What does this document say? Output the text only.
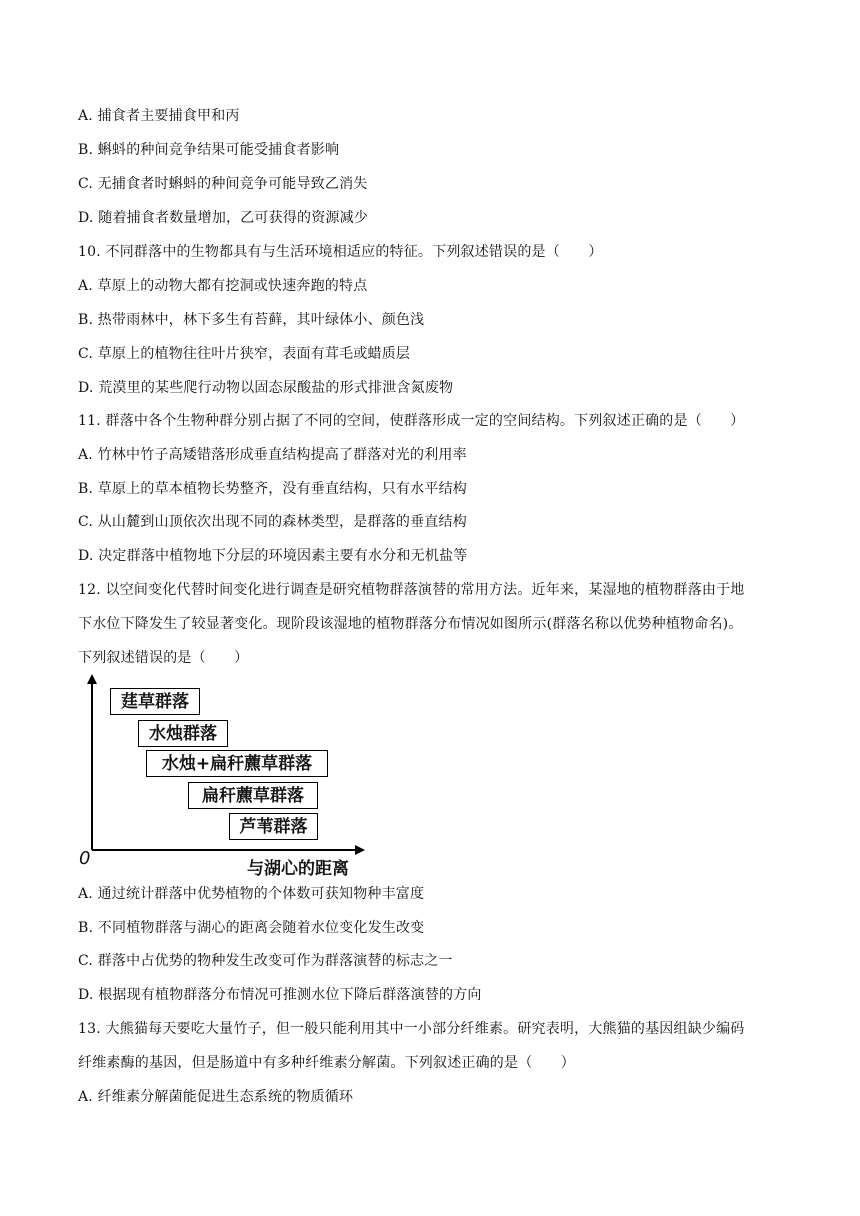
A. 捕食者主要捕食甲和丙
B. 蝌蚪的种间竞争结果可能受捕食者影响
C. 无捕食者时蝌蚪的种间竞争可能导致乙消失
D. 随着捕食者数量增加，乙可获得的资源减少
10. 不同群落中的生物都具有与生活环境相适应的特征。下列叙述错误的是（　　）
A. 草原上的动物大都有挖洞或快速奔跑的特点
B. 热带雨林中，林下多生有苔藓，其叶绿体小、颜色浅
C. 草原上的植物往往叶片狭窄，表面有茸毛或蜡质层
D. 荒漠里的某些爬行动物以固态尿酸盐的形式排泄含氮废物
11. 群落中各个生物种群分别占据了不同的空间，使群落形成一定的空间结构。下列叙述正确的是（　　）
A. 竹林中竹子高矮错落形成垂直结构提高了群落对光的利用率
B. 草原上的草本植物长势整齐，没有垂直结构，只有水平结构
C. 从山麓到山顶依次出现不同的森林类型，是群落的垂直结构
D. 决定群落中植物地下分层的环境因素主要有水分和无机盐等
12. 以空间变化代替时间变化进行调查是研究植物群落演替的常用方法。近年来，某湿地的植物群落由于地
下水位下降发生了较显著变化。现阶段该湿地的植物群落分布情况如图所示(群落名称以优势种植物命名)。
下列叙述错误的是（　　）
莛草群落
水烛群落
水烛+扁秆藨草群落
扁秆藨草群落
芦苇群落
0	与湖心的距离
A. 通过统计群落中优势植物的个体数可获知物种丰富度
B. 不同植物群落与湖心的距离会随着水位变化发生改变
C. 群落中占优势的物种发生改变可作为群落演替的标志之一
D. 根据现有植物群落分布情况可推测水位下降后群落演替的方向
13. 大熊猫每天要吃大量竹子，但一般只能利用其中一小部分纤维素。研究表明，大熊猫的基因组缺少编码
纤维素酶的基因，但是肠道中有多种纤维素分解菌。下列叙述正确的是（　　）
A. 纤维素分解菌能促进生态系统的物质循环
